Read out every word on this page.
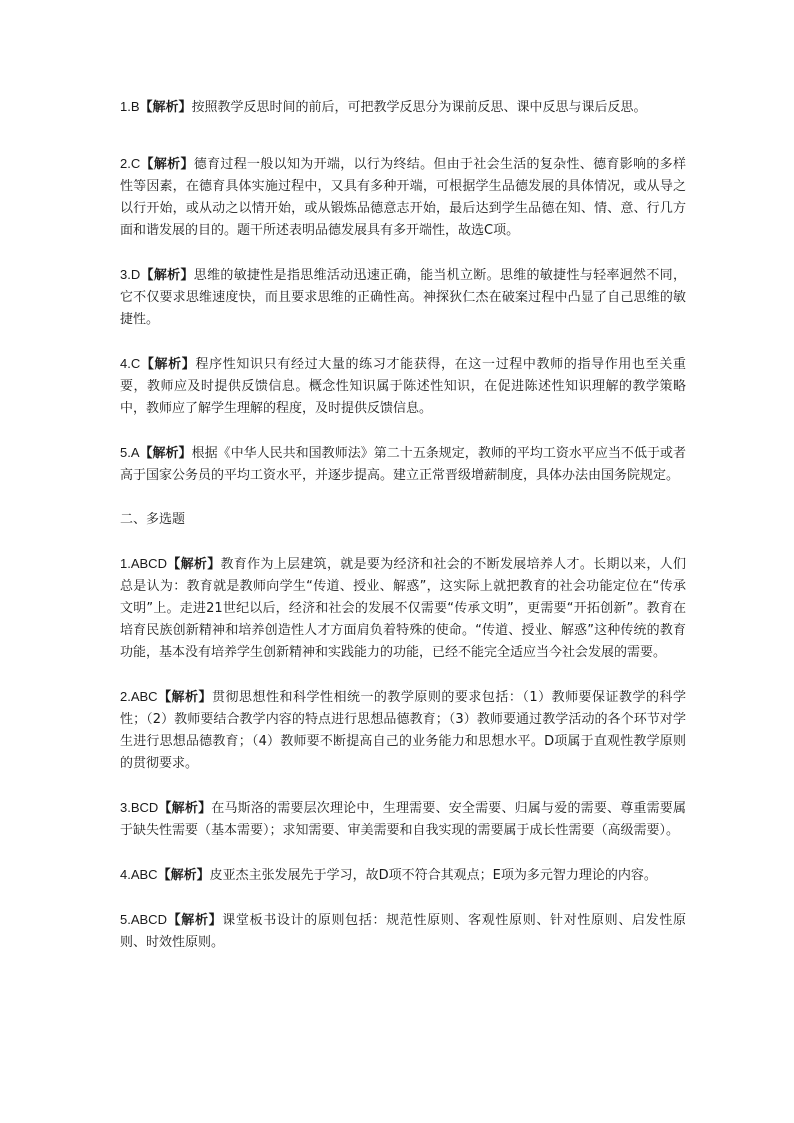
1.B【解析】按照教学反思时间的前后，可把教学反思分为课前反思、课中反思与课后反思。

2.C【解析】德育过程一般以知为开端，以行为终结。但由于社会生活的复杂性、德育影响的多样性等因素，在德育具体实施过程中，又具有多种开端，可根据学生品德发展的具体情况，或从导之以行开始，或从动之以情开始，或从锻炼品德意志开始，最后达到学生品德在知、情、意、行几方面和谐发展的目的。题干所述表明品德发展具有多开端性，故选C项。

3.D【解析】思维的敏捷性是指思维活动迅速正确，能当机立断。思维的敏捷性与轻率迥然不同，它不仅要求思维速度快，而且要求思维的正确性高。神探狄仁杰在破案过程中凸显了自己思维的敏捷性。

4.C【解析】程序性知识只有经过大量的练习才能获得，在这一过程中教师的指导作用也至关重要，教师应及时提供反馈信息。概念性知识属于陈述性知识，在促进陈述性知识理解的教学策略中，教师应了解学生理解的程度，及时提供反馈信息。

5.A【解析】根据《中华人民共和国教师法》第二十五条规定，教师的平均工资水平应当不低于或者高于国家公务员的平均工资水平，并逐步提高。建立正常晋级增薪制度，具体办法由国务院规定。

二、多选题

1.ABCD【解析】教育作为上层建筑，就是要为经济和社会的不断发展培养人才。长期以来，人们总是认为：教育就是教师向学生“传道、授业、解惑”，这实际上就把教育的社会功能定位在“传承文明”上。走进21世纪以后，经济和社会的发展不仅需要“传承文明”，更需要“开拓创新”。教育在培育民族创新精神和培养创造性人才方面肩负着特殊的使命。“传道、授业、解惑”这种传统的教育功能，基本没有培养学生创新精神和实践能力的功能，已经不能完全适应当今社会发展的需要。

2.ABC【解析】贯彻思想性和科学性相统一的教学原则的要求包括：（1）教师要保证教学的科学性；（2）教师要结合教学内容的特点进行思想品德教育；（3）教师要通过教学活动的各个环节对学生进行思想品德教育；（4）教师要不断提高自己的业务能力和思想水平。D项属于直观性教学原则的贯彻要求。

3.BCD【解析】在马斯洛的需要层次理论中，生理需要、安全需要、归属与爱的需要、尊重需要属于缺失性需要（基本需要）；求知需要、审美需要和自我实现的需要属于成长性需要（高级需要）。

4.ABC【解析】皮亚杰主张发展先于学习，故D项不符合其观点；E项为多元智力理论的内容。

5.ABCD【解析】课堂板书设计的原则包括：规范性原则、客观性原则、针对性原则、启发性原则、时效性原则。
